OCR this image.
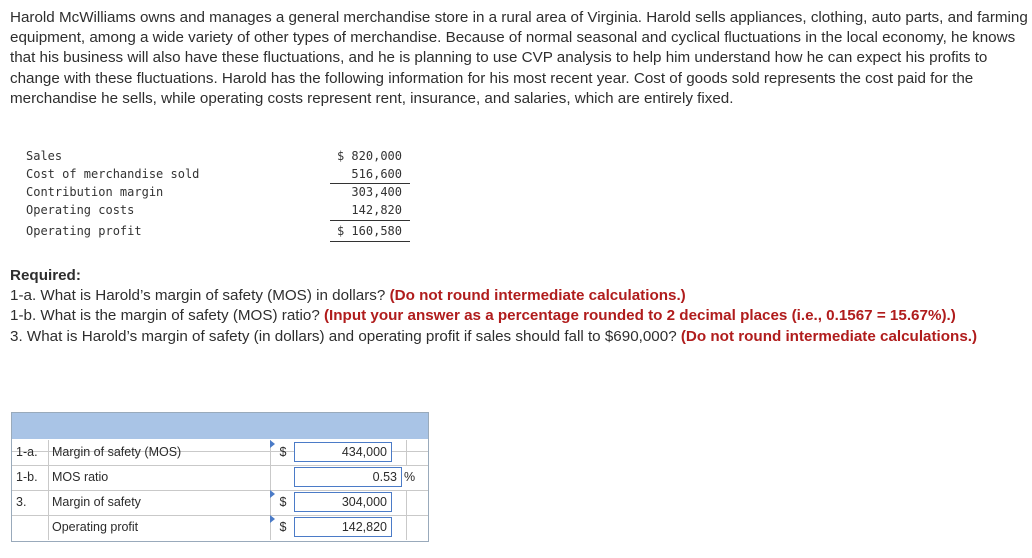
Harold McWilliams owns and manages a general merchandise store in a rural area of Virginia. Harold sells appliances, clothing, auto parts, and farming equipment, among a wide variety of other types of merchandise. Because of normal seasonal and cyclical fluctuations in the local economy, he knows that his business will also have these fluctuations, and he is planning to use CVP analysis to help him understand how he can expect his profits to change with these fluctuations. Harold has the following information for his most recent year. Cost of goods sold represents the cost paid for the merchandise he sells, while operating costs represent rent, insurance, and salaries, which are entirely fixed.

Sales	$ 820,000
Cost of merchandise sold	516,600
Contribution margin	303,400
Operating costs	142,820
Operating profit	$ 160,580

Required:

1-a. What is Harold’s margin of safety (MOS) in dollars? (Do not round intermediate calculations.)

1-b. What is the margin of safety (MOS) ratio? (Input your answer as a percentage rounded to 2 decimal places (i.e., 0.1567 = 15.67%).)

3. What is Harold’s margin of safety (in dollars) and operating profit if sales should fall to $690,000? (Do not round intermediate calculations.)

1-a.	Margin of safety (MOS)	$	434,000
1-b.	MOS ratio	0.53 %
3.	Margin of safety	$	304,000
Operating profit	$	142,820
